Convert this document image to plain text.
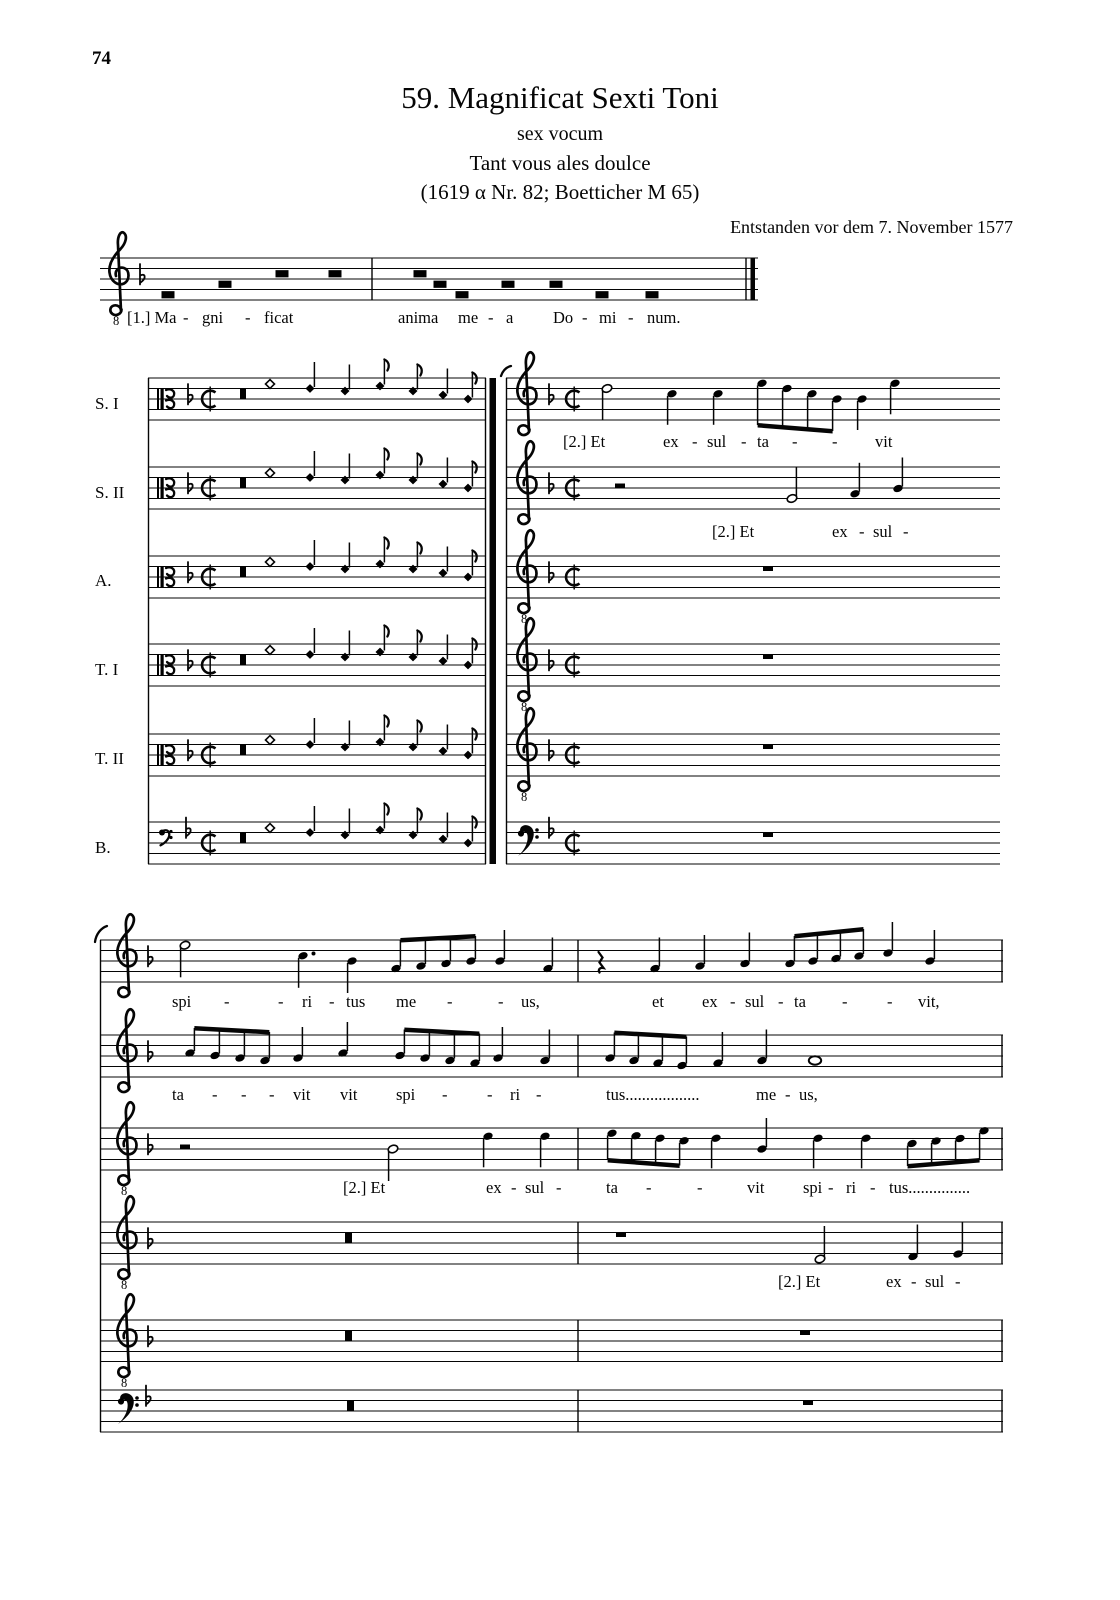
8	74
59. Magnificat Sexti Toni
sex vocum
Tant vous ales doulce
(1619 α Nr. 82; Boetticher M 65)
Entstanden vor dem 7. November 1577
[1.] Ma - gni - ficat	anima me - a Do - mi - num.
S. I
S. II
A.
T. I
T. II
B.
[2.] Et	ex - sul - ta - - vit
[2.] Et	ex - sul -
spi -	- ri - tus me -	- us,	et ex - sul - ta - - vit,
ta - - - vit vit spi - - ri -	tus..................	me - us,
[2.] Et	ex - sul -	ta -	-	vit spi - ri - tus...............
[2.] Et	ex - sul -
